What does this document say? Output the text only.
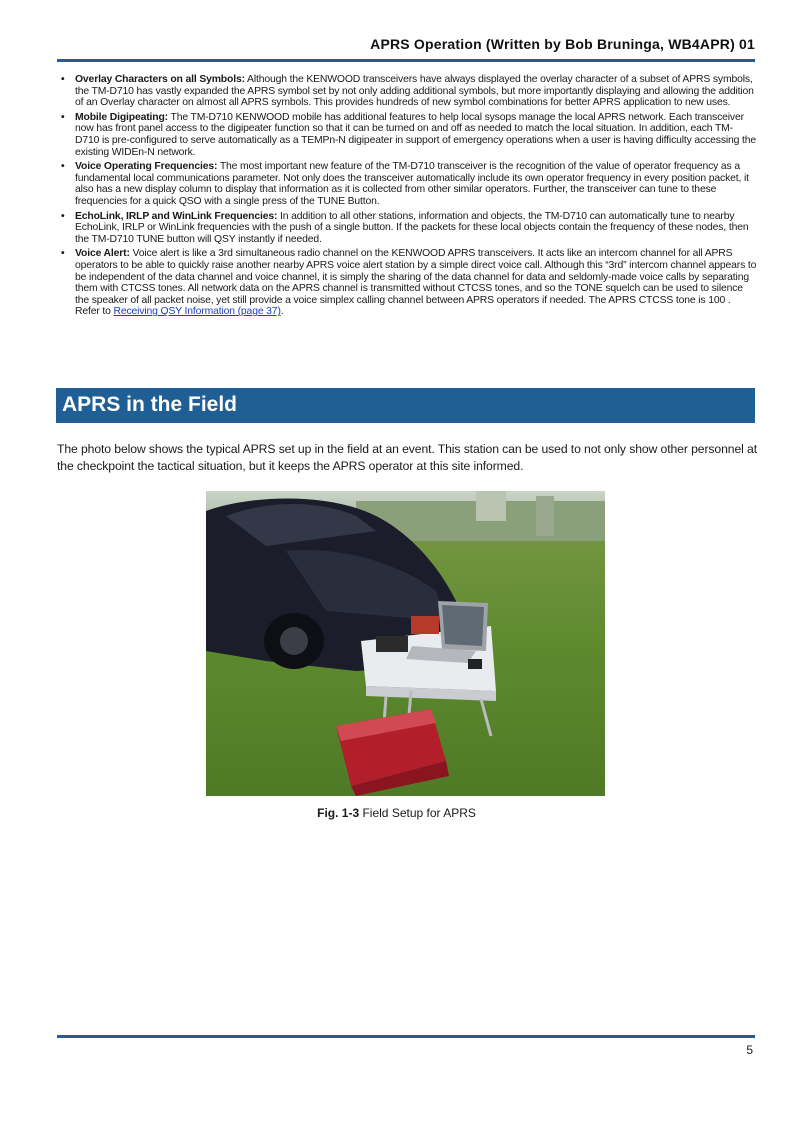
APRS Operation (Written by Bob Bruninga, WB4APR) 01
• Overlay Characters on all Symbols: Although the KENWOOD transceivers have always displayed the overlay character of a subset of APRS symbols, the TM-D710 has vastly expanded the APRS symbol set by not only adding additional symbols, but more importantly displaying and allowing the addition of an Overlay character on almost all APRS symbols. This provides hundreds of new symbol combinations for better APRS application to new uses.
• Mobile Digipeating: The TM-D710 KENWOOD mobile has additional features to help local sysops manage the local APRS network. Each transceiver now has front panel access to the digipeater function so that it can be turned on and off as needed to match the local situation. In addition, each TM-D710 is pre-configured to serve automatically as a TEMPn-N digipeater in support of emergency operations when a user is having difficulty accessing the existing WIDEn-N network.
• Voice Operating Frequencies: The most important new feature of the TM-D710 transceiver is the recognition of the value of operator frequency as a fundamental local communications parameter. Not only does the transceiver automatically include its own operator frequency in every position packet, it also has a new display column to display that information as it is collected from other similar operators. Further, the transceiver can tune to these frequencies for a quick QSO with a single press of the TUNE Button.
• EchoLink, IRLP and WinLink Frequencies: In addition to all other stations, information and objects, the TM-D710 can automatically tune to nearby EchoLink, IRLP or WinLink frequencies with the push of a single button. If the packets for these local objects contain the frequency of these nodes, then the TM-D710 TUNE button will QSY instantly if needed.
• Voice Alert: Voice alert is like a 3rd simultaneous radio channel on the KENWOOD APRS transceivers. It acts like an intercom channel for all APRS operators to be able to quickly raise another nearby APRS voice alert station by a simple direct voice call. Although this “3rd” intercom channel appears to be independent of the data channel and voice channel, it is simply the sharing of the data channel for data and seldomly-made voice calls by separating them with CTCSS tones. All network data on the APRS channel is transmitted without CTCSS tones, and so the TONE squelch can be used to silence the speaker of all packet noise, yet still provide a voice simplex calling channel between APRS operators if needed. The APRS CTCSS tone is 100 . Refer to Receiving QSY Information (page 37).
APRS in the Field
The photo below shows the typical APRS set up in the field at an event. This station can be used to not only show other personnel at the checkpoint the tactical situation, but it keeps the APRS operator at this site informed.
Fig. 1-3 Field Setup for APRS
5
